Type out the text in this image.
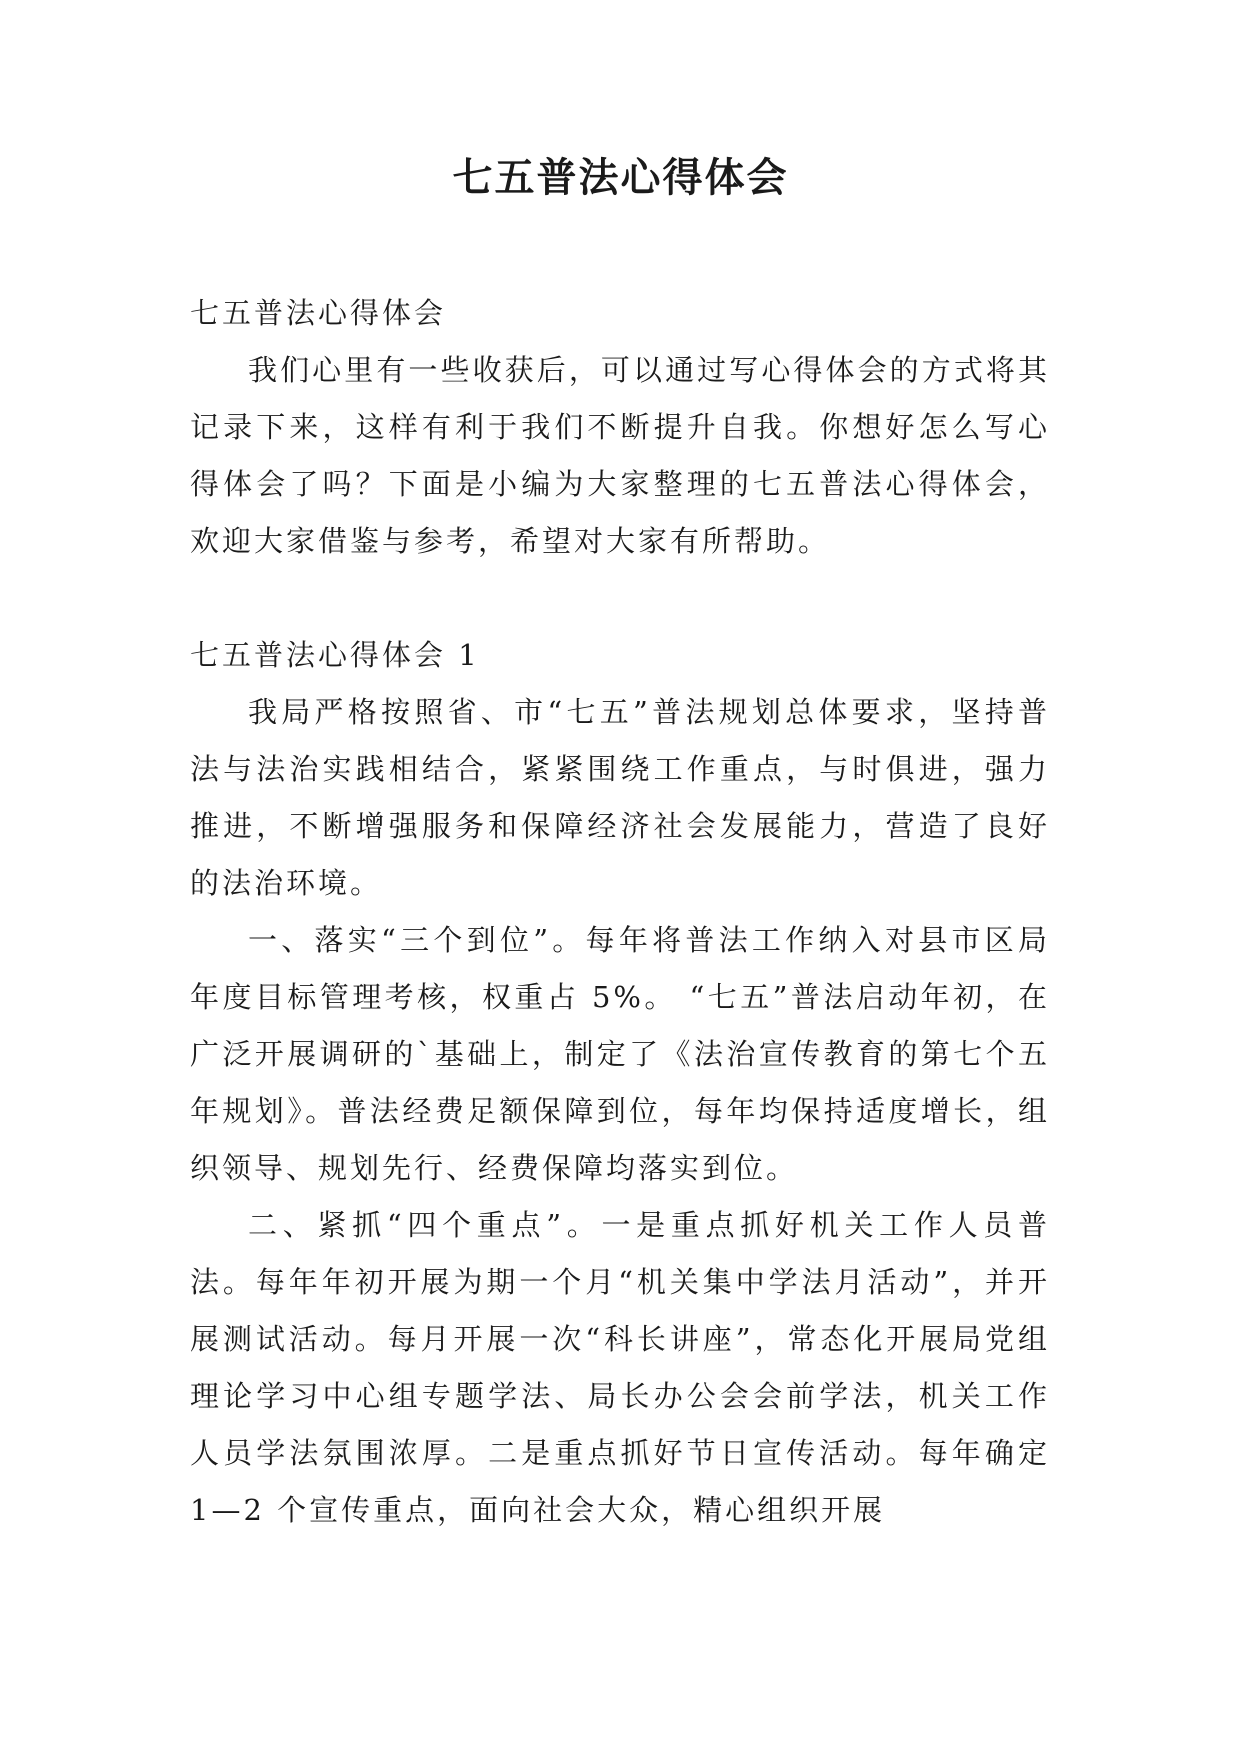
七五普法心得体会

七五普法心得体会

我们心里有一些收获后，可以通过写心得体会的方式将其记录下来，这样有利于我们不断提升自我。你想好怎么写心得体会了吗？下面是小编为大家整理的七五普法心得体会，欢迎大家借鉴与参考，希望对大家有所帮助。

七五普法心得体会 1

我局严格按照省、市“七五”普法规划总体要求，坚持普法与法治实践相结合，紧紧围绕工作重点，与时俱进，强力推进，不断增强服务和保障经济社会发展能力，营造了良好的法治环境。

一、落实“三个到位”。每年将普法工作纳入对县市区局年度目标管理考核，权重占 5%。 “七五”普法启动年初，在广泛开展调研的`基础上，制定了《法治宣传教育的第七个五年规划》。普法经费足额保障到位，每年均保持适度增长，组织领导、规划先行、经费保障均落实到位。

二、紧抓“四个重点”。一是重点抓好机关工作人员普法。每年年初开展为期一个月“机关集中学法月活动”，并开展测试活动。每月开展一次“科长讲座”，常态化开展局党组理论学习中心组专题学法、局长办公会会前学法，机关工作人员学法氛围浓厚。二是重点抓好节日宣传活动。每年确定 1—2 个宣传重点，面向社会大众，精心组织开展
